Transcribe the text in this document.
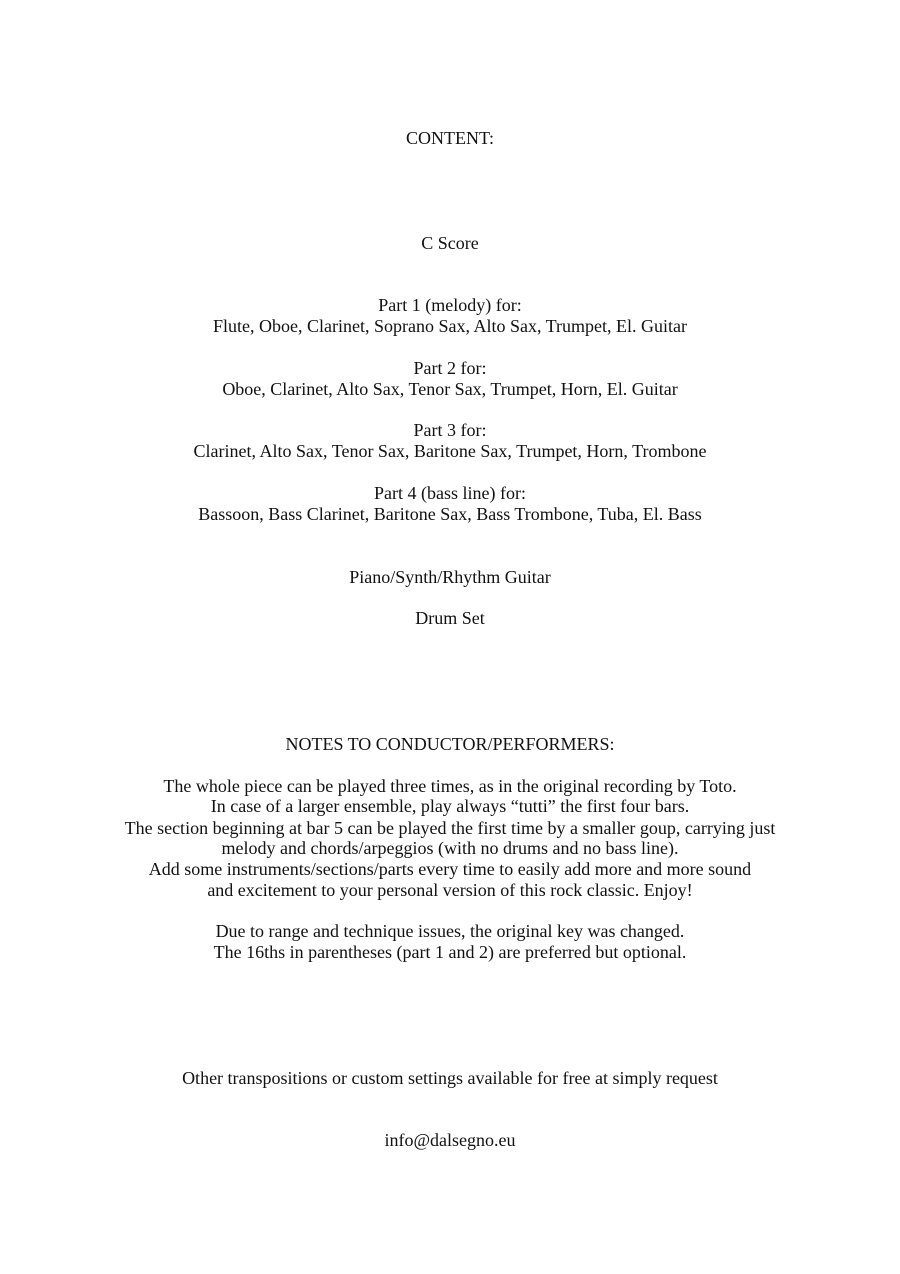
CONTENT:
C Score
Part 1 (melody) for:
Flute, Oboe, Clarinet, Soprano Sax, Alto Sax, Trumpet, El. Guitar
Part 2 for:
Oboe, Clarinet, Alto Sax, Tenor Sax, Trumpet, Horn, El. Guitar
Part 3 for:
Clarinet, Alto Sax, Tenor Sax, Baritone Sax, Trumpet, Horn, Trombone
Part 4 (bass line) for:
Bassoon, Bass Clarinet, Baritone Sax, Bass Trombone, Tuba, El. Bass
Piano/Synth/Rhythm Guitar
Drum Set
NOTES TO CONDUCTOR/PERFORMERS:
The whole piece can be played three times, as in the original recording by Toto.
In case of a larger ensemble, play always “tutti” the first four bars.
The section beginning at bar 5 can be played the first time by a smaller goup, carrying just
melody and chords/arpeggios (with no drums and no bass line).
Add some instruments/sections/parts every time to easily add more and more sound
and excitement to your personal version of this rock classic. Enjoy!
Due to range and technique issues, the original key was changed.
The 16ths in parentheses (part 1 and 2) are preferred but optional.
Other transpositions or custom settings available for free at simply request
info@dalsegno.eu
